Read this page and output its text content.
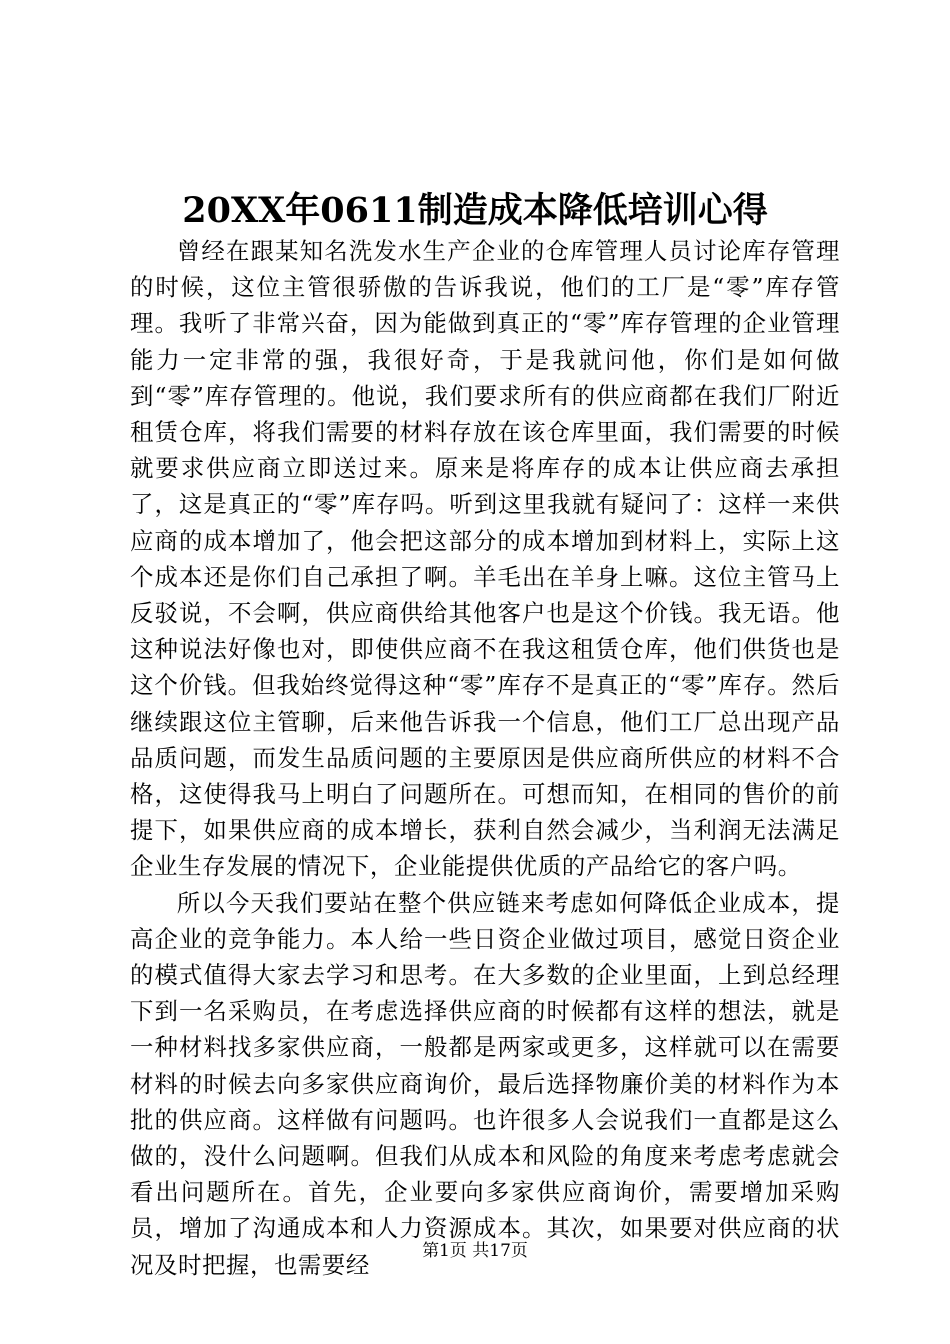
20XX年0611制造成本降低培训心得

曾经在跟某知名洗发水生产企业的仓库管理人员讨论库存管理的时候，这位主管很骄傲的告诉我说，他们的工厂是“零”库存管理。我听了非常兴奋，因为能做到真正的“零”库存管理的企业管理能力一定非常的强，我很好奇，于是我就问他，你们是如何做到“零”库存管理的。他说，我们要求所有的供应商都在我们厂附近租赁仓库，将我们需要的材料存放在该仓库里面，我们需要的时候就要求供应商立即送过来。原来是将库存的成本让供应商去承担了，这是真正的“零”库存吗。听到这里我就有疑问了：这样一来供应商的成本增加了，他会把这部分的成本增加到材料上，实际上这个成本还是你们自己承担了啊。羊毛出在羊身上嘛。这位主管马上反驳说，不会啊，供应商供给其他客户也是这个价钱。我无语。他这种说法好像也对，即使供应商不在我这租赁仓库，他们供货也是这个价钱。但我始终觉得这种“零”库存不是真正的“零”库存。然后继续跟这位主管聊，后来他告诉我一个信息，他们工厂总出现产品品质问题，而发生品质问题的主要原因是供应商所供应的材料不合格，这使得我马上明白了问题所在。可想而知，在相同的售价的前提下，如果供应商的成本增长，获利自然会减少，当利润无法满足企业生存发展的情况下，企业能提供优质的产品给它的客户吗。

所以今天我们要站在整个供应链来考虑如何降低企业成本，提高企业的竞争能力。本人给一些日资企业做过项目，感觉日资企业的模式值得大家去学习和思考。在大多数的企业里面，上到总经理下到一名采购员，在考虑选择供应商的时候都有这样的想法，就是一种材料找多家供应商，一般都是两家或更多，这样就可以在需要材料的时候去向多家供应商询价，最后选择物廉价美的材料作为本批的供应商。这样做有问题吗。也许很多人会说我们一直都是这么做的，没什么问题啊。但我们从成本和风险的角度来考虑考虑就会看出问题所在。首先，企业要向多家供应商询价，需要增加采购员，增加了沟通成本和人力资源成本。其次，如果要对供应商的状况及时把握，也需要经	第1页 共17页
